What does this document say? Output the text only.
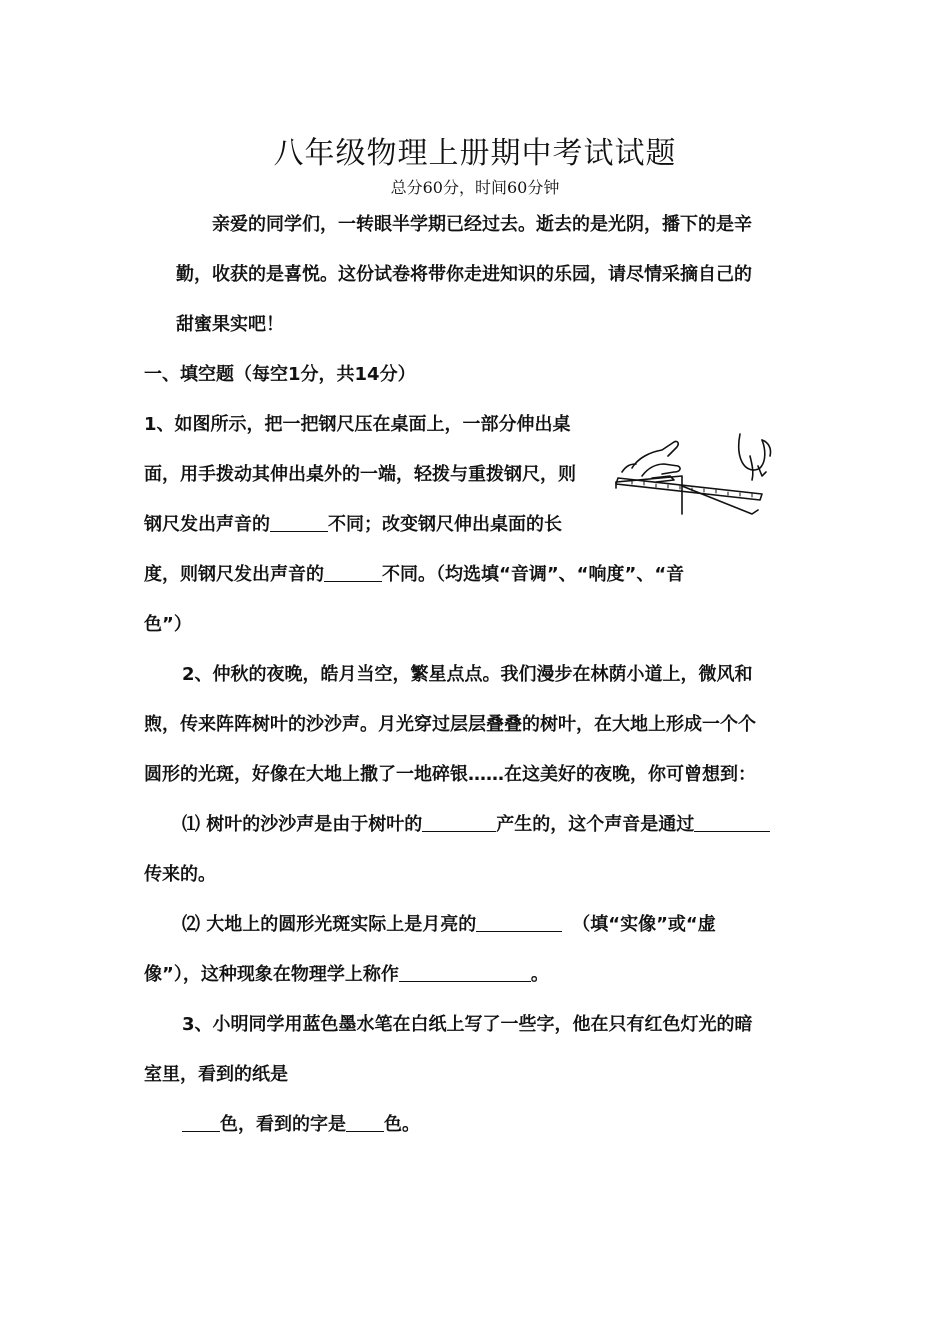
八年级物理上册期中考试试题
总分60分，时间60分钟
亲爱的同学们，一转眼半学期已经过去。逝去的是光阴，播下的是辛
勤，收获的是喜悦。这份试卷将带你走进知识的乐园，请尽情采摘自己的
甜蜜果实吧！
一、填空题（每空1分，共14分）
1、如图所示，把一把钢尺压在桌面上，一部分伸出桌
面，用手拨动其伸出桌外的一端，轻拨与重拨钢尺，则
钢尺发出声音的	不同；改变钢尺伸出桌面的长
度，则钢尺发出声音的	不同。（均选填“音调”、“响度”、“音
色”）
2、仲秋的夜晚，皓月当空，繁星点点。我们漫步在林荫小道上，微风和
煦，传来阵阵树叶的沙沙声。月光穿过层层叠叠的树叶，在大地上形成一个个
圆形的光斑，好像在大地上撒了一地碎银……在这美好的夜晚，你可曾想到：
⑴ 树叶的沙沙声是由于树叶的	产生的，这个声音是通过
传来的。
⑵ 大地上的圆形光斑实际上是月亮的	（填“实像”或“虚
像”），这种现象在物理学上称作	。
3、小明同学用蓝色墨水笔在白纸上写了一些字，他在只有红色灯光的暗
室里，看到的纸是
色，看到的字是 色。
